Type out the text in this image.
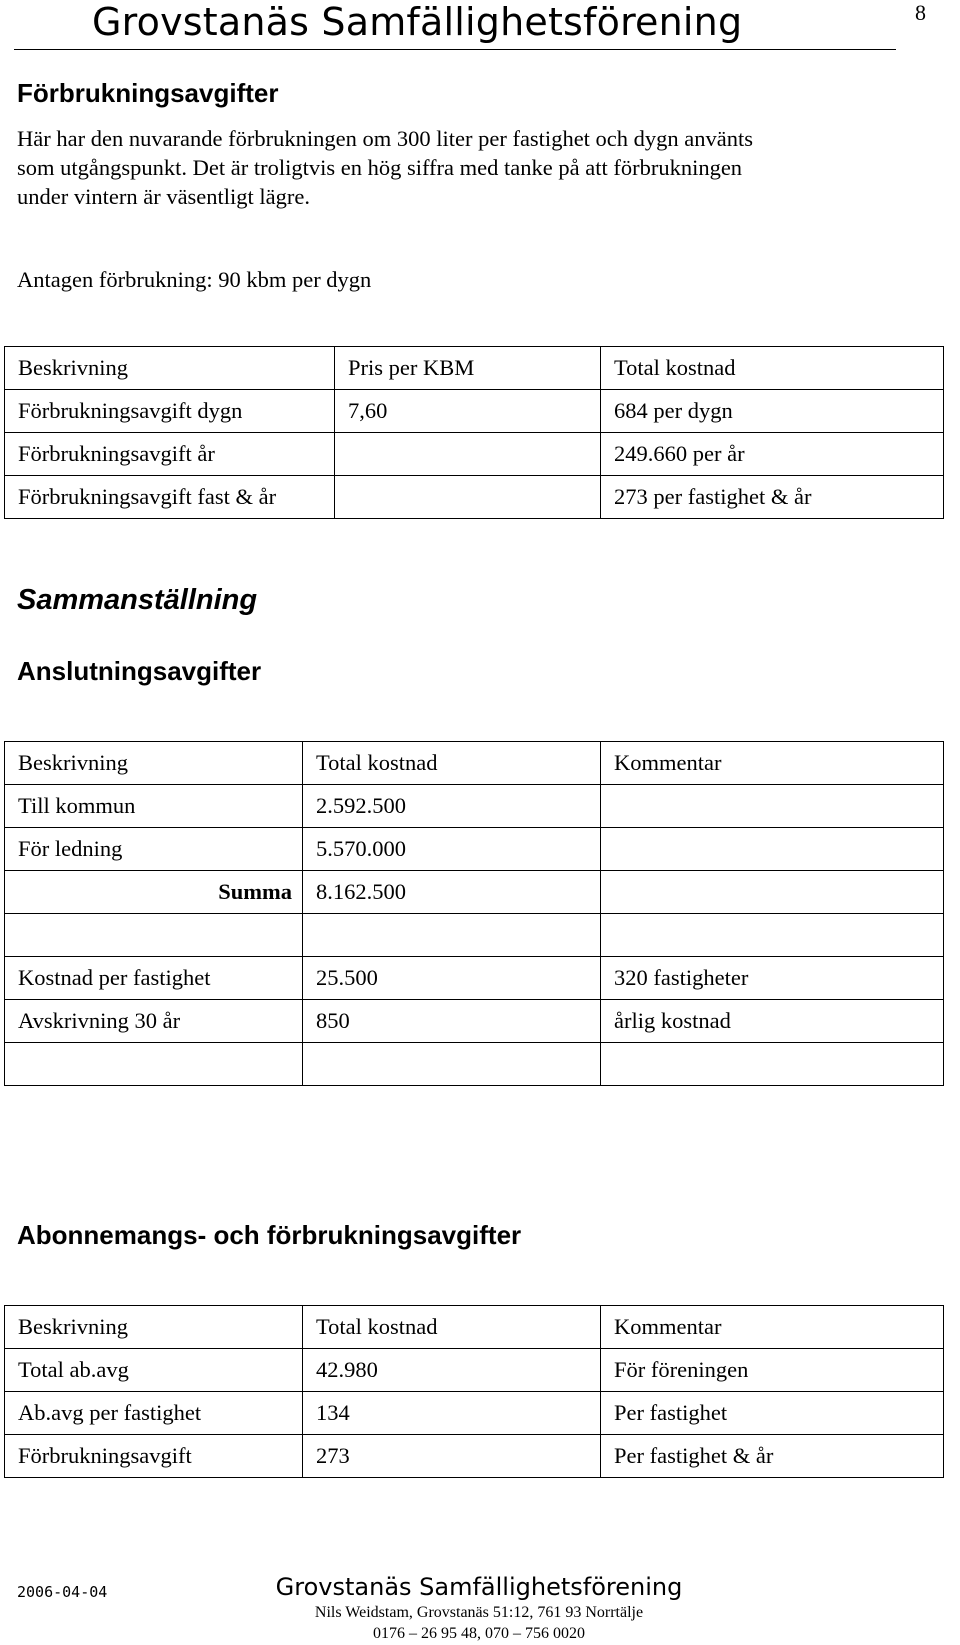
Grovstanäs Samfällighetsförening	8
Förbrukningsavgifter
Här har den nuvarande förbrukningen om 300 liter per fastighet och dygn använts
som utgångspunkt. Det är troligtvis en hög siffra med tanke på att förbrukningen
under vintern är väsentligt lägre.
Antagen förbrukning: 90 kbm per dygn
Beskrivning	Pris per KBM	Total kostnad
Förbrukningsavgift dygn	7,60	684 per dygn
Förbrukningsavgift år		249.660 per år
Förbrukningsavgift fast & år		273 per fastighet & år
Sammanställning
Anslutningsavgifter
Beskrivning	Total kostnad	Kommentar
Till kommun	2.592.500	
För ledning	5.570.000	
Summa	8.162.500	

Kostnad per fastighet	25.500	320 fastigheter
Avskrivning 30 år	850	årlig kostnad

Abonnemangs- och förbrukningsavgifter
Beskrivning	Total kostnad	Kommentar
Total ab.avg	42.980	För föreningen
Ab.avg per fastighet	134	Per fastighet
Förbrukningsavgift	273	Per fastighet & år
2006-04-04	Grovstanäs Samfällighetsförening
Nils Weidstam, Grovstanäs 51:12, 761 93 Norrtälje
0176 – 26 95 48, 070 – 756 0020
